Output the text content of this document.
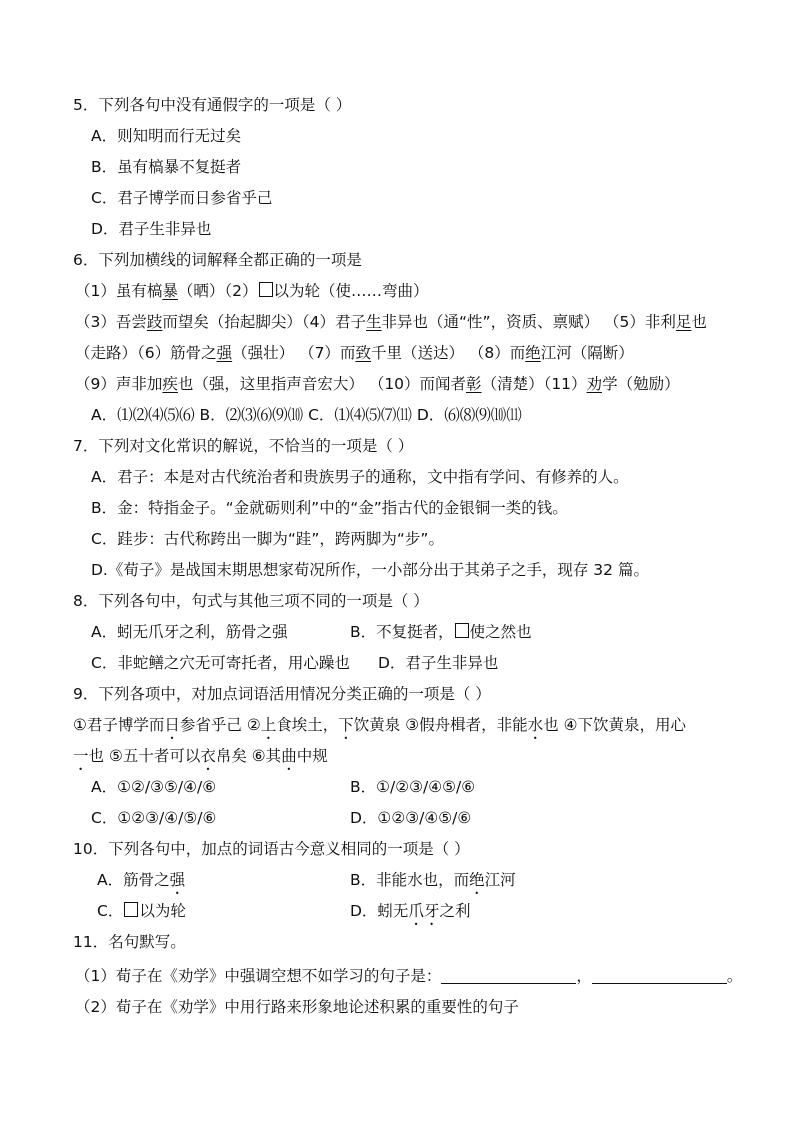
5．下列各句中没有通假字的一项是（ ）
A．则知明而行无过矣
B．虽有槁暴不复挺者
C．君子博学而日参省乎己
D．君子生非异也
6．下列加横线的词解释全都正确的一项是
（1）虽有槁暴（晒）（2） 以为轮（使……弯曲）
（3）吾尝跂而望矣（抬起脚尖）（4）君子生非异也（通“性”，资质、禀赋） （5）非利足也
（走路）（6）筋骨之强（强壮） （7）而致千里（送达） （8）而绝江河（隔断）
（9）声非加疾也（强，这里指声音宏大） （10）而闻者彰（清楚）（11）劝学（勉励）
A．⑴⑵⑷⑸⑹ B．⑵⑶⑹⑼⑽ C．⑴⑷⑸⑺⑾ D．⑹⑻⑼⑽⑾
7．下列对文化常识的解说，不恰当的一项是（ ）
A．君子：本是对古代统治者和贵族男子的通称，文中指有学问、有修养的人。
B．金：特指金子。“金就砺则利”中的“金”指古代的金银铜一类的钱。
C．跬步：古代称跨出一脚为“跬”，跨两脚为“步”。
D.《荀子》是战国末期思想家荀况所作，一小部分出于其弟子之手，现存 32 篇。
8．下列各句中，句式与其他三项不同的一项是（ ）
A．蚓无爪牙之利，筋骨之强	B．不复挺者， 使之然也
C．非蛇鳝之穴无可寄托者，用心躁也 D．君子生非异也
9．下列各项中，对加点词语活用情况分类正确的一项是（ ）
①君子博学而日参省乎己 ②上食埃土，下饮黄泉 ③假舟楫者，非能水也 ④下饮黄泉，用心
一也 ⑤五十者可以衣帛矣 ⑥其曲中规
A．①②/③⑤/④/⑥	B．①/②③/④⑤/⑥
C．①②③/④/⑤/⑥	D．①②③/④⑤/⑥
10．下列各句中，加点的词语古今意义相同的一项是（ ）
A．筋骨之强	B．非能水也，而绝江河
C． 以为轮	D．蚓无爪牙之利
11．名句默写。
（1）荀子在《劝学》中强调空想不如学习的句子是：	，	。
（2）荀子在《劝学》中用行路来形象地论述积累的重要性的句子
